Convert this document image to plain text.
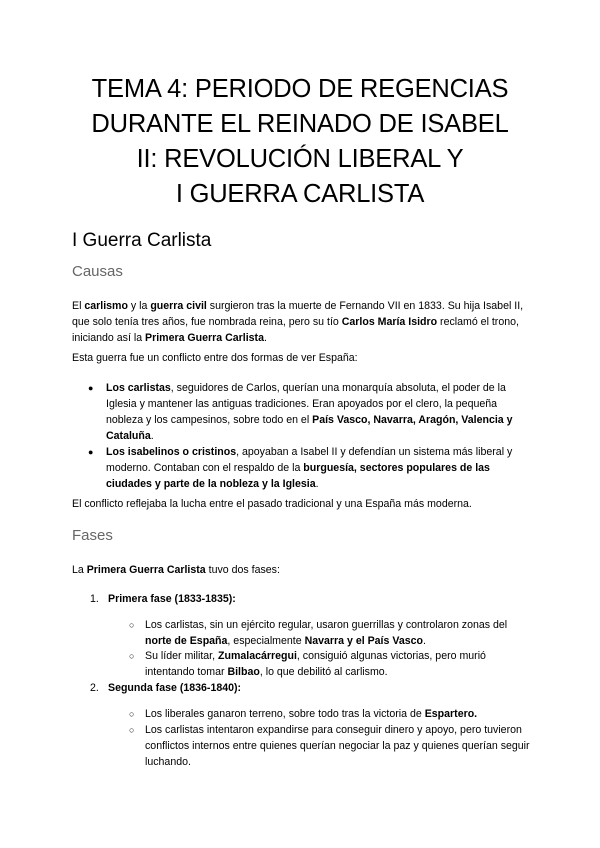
TEMA 4: PERIODO DE REGENCIAS
DURANTE EL REINADO DE ISABEL
II: REVOLUCIÓN LIBERAL Y
I GUERRA CARLISTA
I Guerra Carlista
Causas

El carlismo y la guerra civil surgieron tras la muerte de Fernando VII en 1833. Su hija Isabel II, que solo tenía tres años, fue nombrada reina, pero su tío Carlos María Isidro reclamó el trono, iniciando así la Primera Guerra Carlista.

Esta guerra fue un conflicto entre dos formas de ver España:

● Los carlistas, seguidores de Carlos, querían una monarquía absoluta, el poder de la Iglesia y mantener las antiguas tradiciones. Eran apoyados por el clero, la pequeña nobleza y los campesinos, sobre todo en el País Vasco, Navarra, Aragón, Valencia y Cataluña.
● Los isabelinos o cristinos, apoyaban a Isabel II y defendían un sistema más liberal y moderno. Contaban con el respaldo de la burguesía, sectores populares de las ciudades y parte de la nobleza y la Iglesia.

El conflicto reflejaba la lucha entre el pasado tradicional y una España más moderna.

Fases

La Primera Guerra Carlista tuvo dos fases:

1. Primera fase (1833-1835):
○ Los carlistas, sin un ejército regular, usaron guerrillas y controlaron zonas del norte de España, especialmente Navarra y el País Vasco.
○ Su líder militar, Zumalacárregui, consiguió algunas victorias, pero murió intentando tomar Bilbao, lo que debilitó al carlismo.
2. Segunda fase (1836-1840):
○ Los liberales ganaron terreno, sobre todo tras la victoria de Espartero.
○ Los carlistas intentaron expandirse para conseguir dinero y apoyo, pero tuvieron conflictos internos entre quienes querían negociar la paz y quienes querían seguir luchando.
